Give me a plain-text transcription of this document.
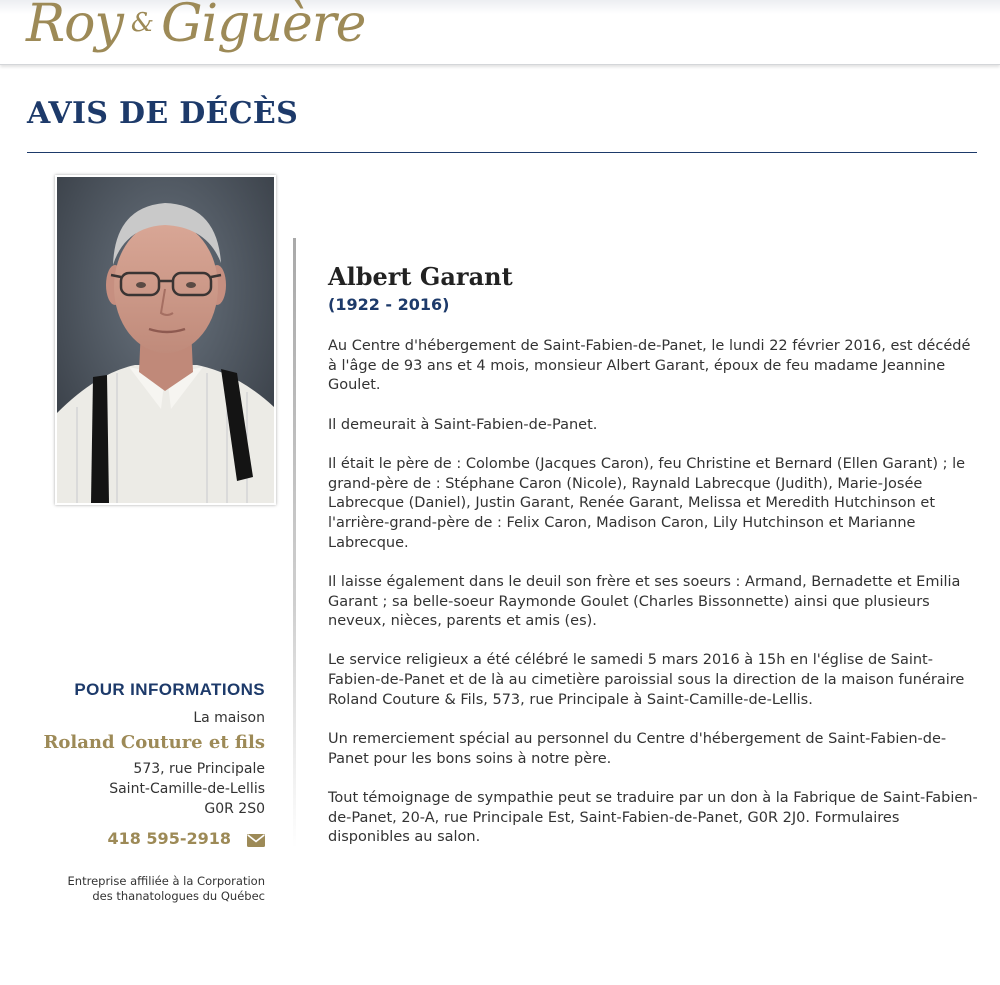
Roy & Giguère
AVIS DE DÉCÈS
POUR INFORMATIONS
La maison
Roland Couture et fils
573, rue Principale
Saint-Camille-de-Lellis
G0R 2S0
418 595-2918
Entreprise affiliée à la Corporation
des thanatologues du Québec
Albert Garant
(1922 - 2016)

Au Centre d'hébergement de Saint-Fabien-de-Panet, le lundi 22 février 2016, est décédé à l'âge de 93 ans et 4 mois, monsieur Albert Garant, époux de feu madame Jeannine Goulet.

Il demeurait à Saint-Fabien-de-Panet.

Il était le père de : Colombe (Jacques Caron), feu Christine et Bernard (Ellen Garant) ; le grand-père de : Stéphane Caron (Nicole), Raynald Labrecque (Judith), Marie-Josée Labrecque (Daniel), Justin Garant, Renée Garant, Melissa et Meredith Hutchinson et l'arrière-grand-père de : Felix Caron, Madison Caron, Lily Hutchinson et Marianne Labrecque.

Il laisse également dans le deuil son frère et ses soeurs : Armand, Bernadette et Emilia Garant ; sa belle-soeur Raymonde Goulet (Charles Bissonnette) ainsi que plusieurs neveux, nièces, parents et amis (es).

Le service religieux a été célébré le samedi 5 mars 2016 à 15h en l'église de Saint-Fabien-de-Panet et de là au cimetière paroissial sous la direction de la maison funéraire Roland Couture & Fils, 573, rue Principale à Saint-Camille-de-Lellis.

Un remerciement spécial au personnel du Centre d'hébergement de Saint-Fabien-de-Panet pour les bons soins à notre père.

Tout témoignage de sympathie peut se traduire par un don à la Fabrique de Saint-Fabien-de-Panet, 20-A, rue Principale Est, Saint-Fabien-de-Panet, G0R 2J0. Formulaires disponibles au salon.
